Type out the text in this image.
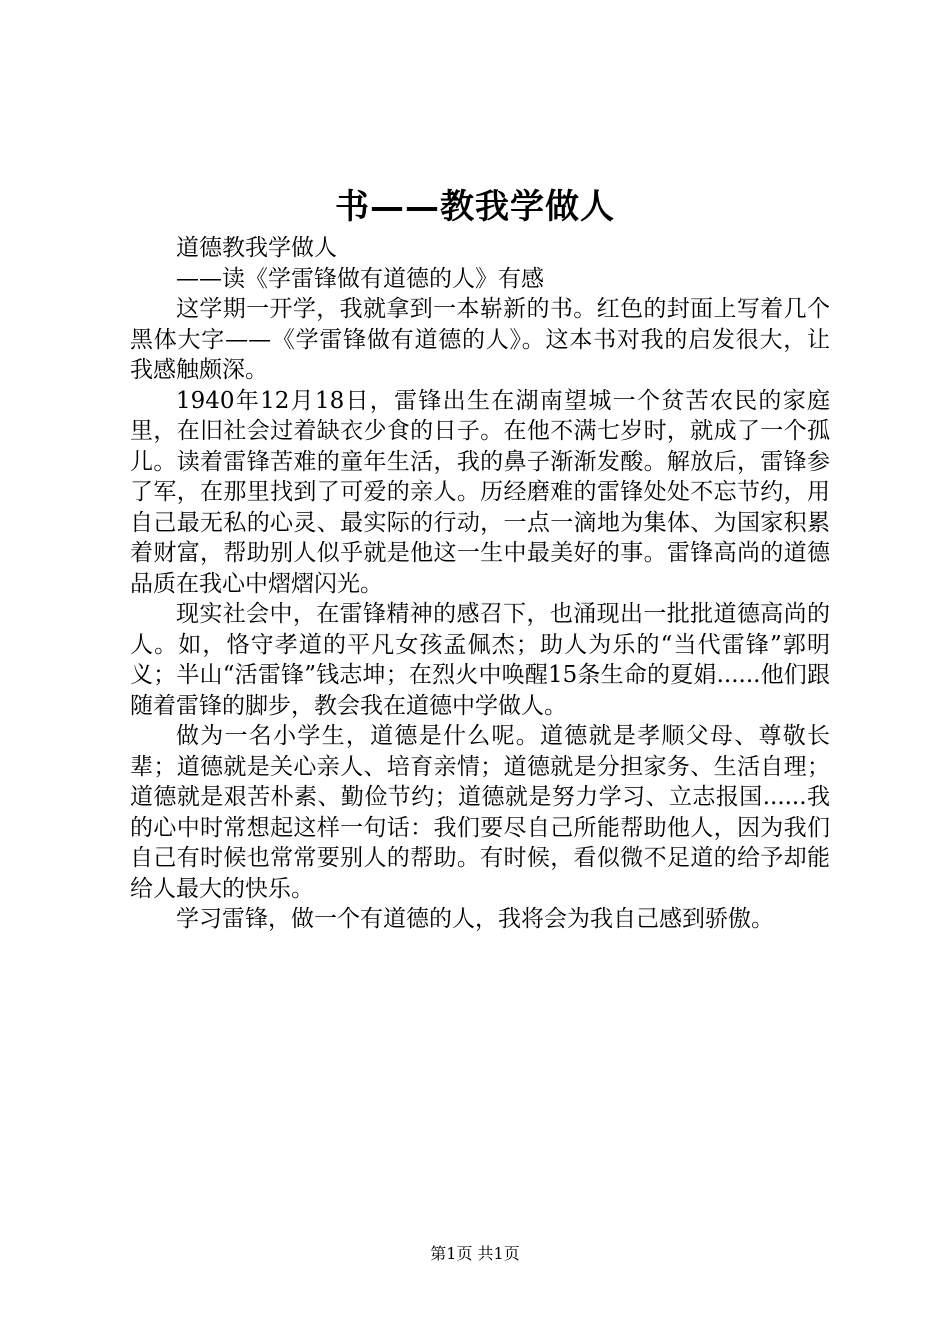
书——教我学做人

道德教我学做人

——读《学雷锋做有道德的人》有感

这学期一开学，我就拿到一本崭新的书。红色的封面上写着几个黑体大字——《学雷锋做有道德的人》。这本书对我的启发很大，让我感触颇深。

1940年12月18日，雷锋出生在湖南望城一个贫苦农民的家庭里，在旧社会过着缺衣少食的日子。在他不满七岁时，就成了一个孤儿。读着雷锋苦难的童年生活，我的鼻子渐渐发酸。解放后，雷锋参了军，在那里找到了可爱的亲人。历经磨难的雷锋处处不忘节约，用自己最无私的心灵、最实际的行动，一点一滴地为集体、为国家积累着财富，帮助别人似乎就是他这一生中最美好的事。雷锋高尚的道德品质在我心中熠熠闪光。

现实社会中，在雷锋精神的感召下，也涌现出一批批道德高尚的人。如，恪守孝道的平凡女孩孟佩杰；助人为乐的“当代雷锋”郭明义；半山“活雷锋”钱志坤；在烈火中唤醒15条生命的夏娟......他们跟随着雷锋的脚步，教会我在道德中学做人。

做为一名小学生，道德是什么呢。道德就是孝顺父母、尊敬长辈；道德就是关心亲人、培育亲情；道德就是分担家务、生活自理；道德就是艰苦朴素、勤俭节约；道德就是努力学习、立志报国......我的心中时常想起这样一句话：我们要尽自己所能帮助他人，因为我们自己有时候也常常要别人的帮助。有时候，看似微不足道的给予却能给人最大的快乐。

学习雷锋，做一个有道德的人，我将会为我自己感到骄傲。

第1页 共1页
